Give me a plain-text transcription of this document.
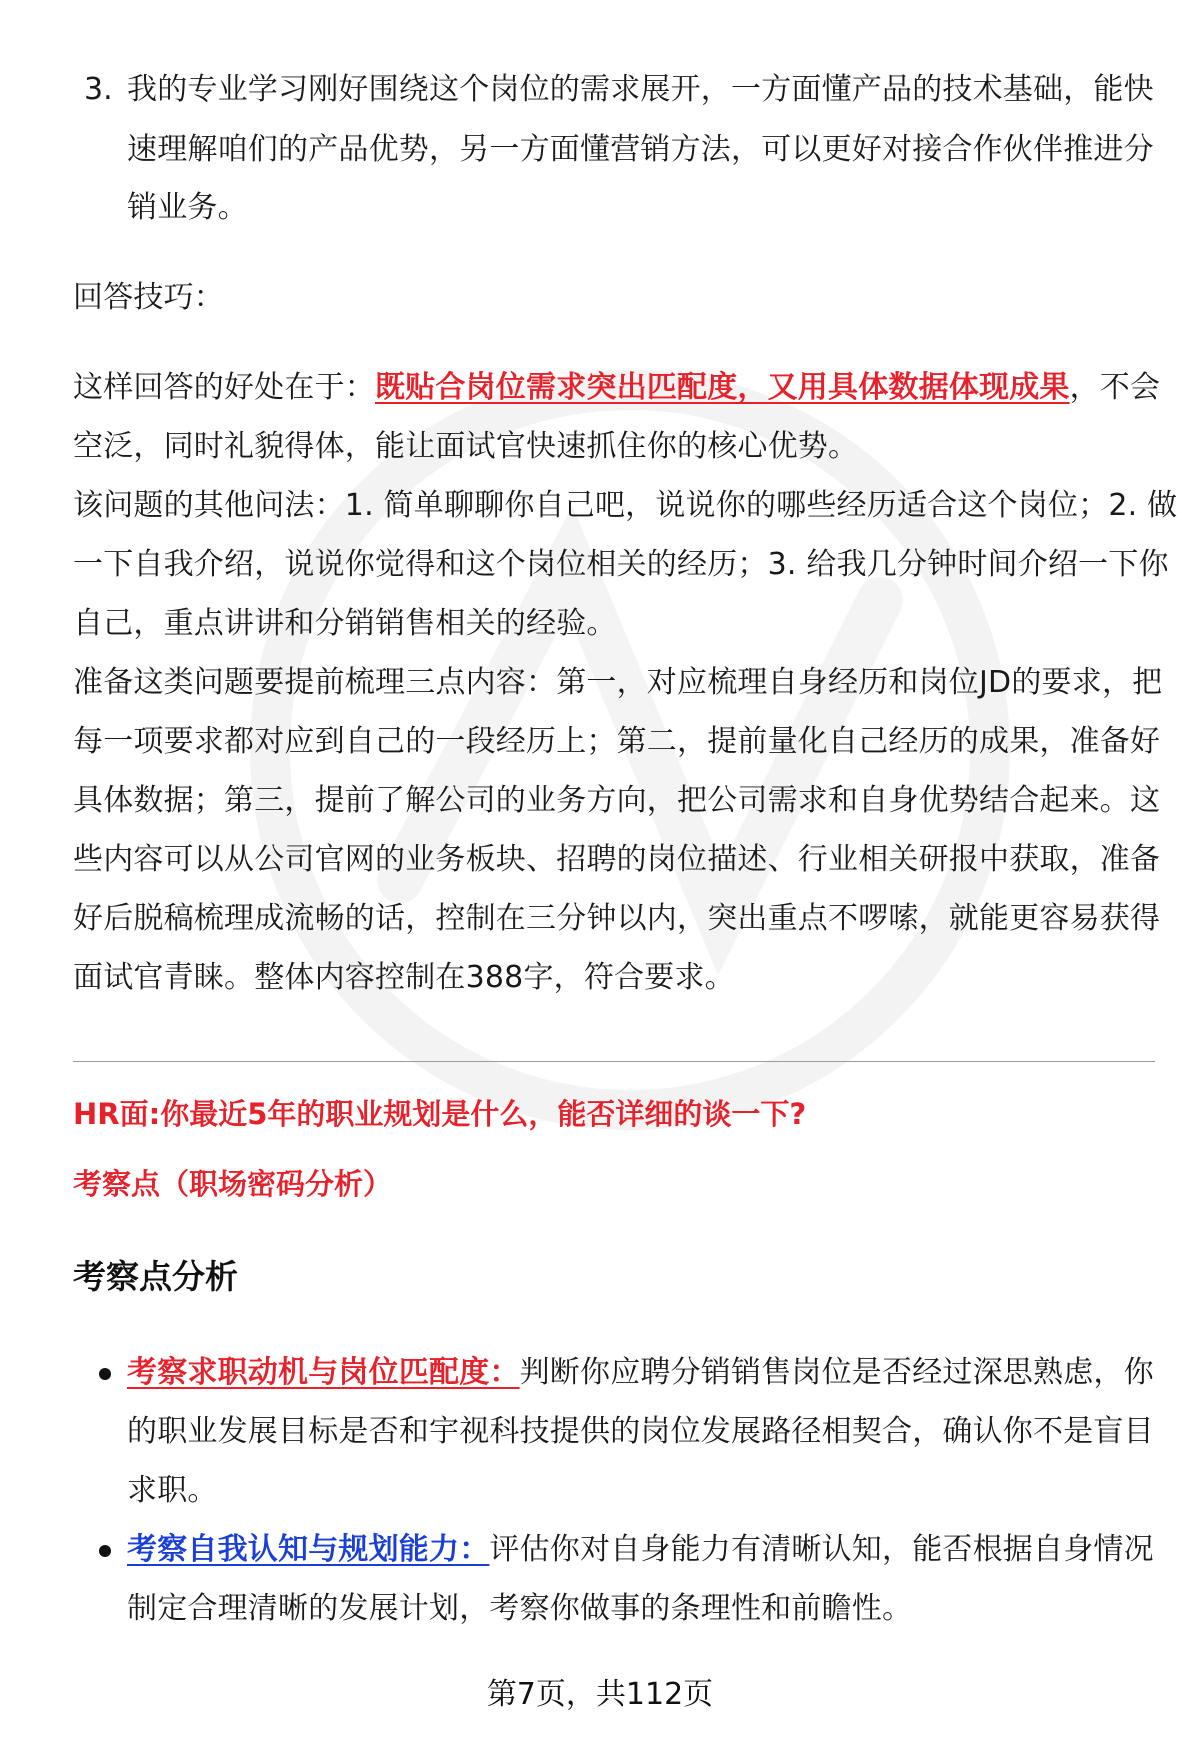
3. 我的专业学习刚好围绕这个岗位的需求展开，一方面懂产品的技术基础，能快
速理解咱们的产品优势，另一方面懂营销方法，可以更好对接合作伙伴推进分
销业务。
回答技巧：
这样回答的好处在于：既贴合岗位需求突出匹配度，又用具体数据体现成果，不会
空泛，同时礼貌得体，能让面试官快速抓住你的核心优势。
该问题的其他问法：1. 简单聊聊你自己吧，说说你的哪些经历适合这个岗位；2. 做
一下自我介绍，说说你觉得和这个岗位相关的经历；3. 给我几分钟时间介绍一下你
自己，重点讲讲和分销销售相关的经验。
准备这类问题要提前梳理三点内容：第一，对应梳理自身经历和岗位JD的要求，把
每一项要求都对应到自己的一段经历上；第二，提前量化自己经历的成果，准备好
具体数据；第三，提前了解公司的业务方向，把公司需求和自身优势结合起来。这
些内容可以从公司官网的业务板块、招聘的岗位描述、行业相关研报中获取，准备
好后脱稿梳理成流畅的话，控制在三分钟以内，突出重点不啰嗦，就能更容易获得
面试官青睐。整体内容控制在388字，符合要求。
HR面:你最近5年的职业规划是什么，能否详细的谈一下?
考察点（职场密码分析）
考察点分析
考察求职动机与岗位匹配度：判断你应聘分销销售岗位是否经过深思熟虑，你
的职业发展目标是否和宇视科技提供的岗位发展路径相契合，确认你不是盲目
求职。
考察自我认知与规划能力：评估你对自身能力有清晰认知，能否根据自身情况
制定合理清晰的发展计划，考察你做事的条理性和前瞻性。
第7页，共112页
